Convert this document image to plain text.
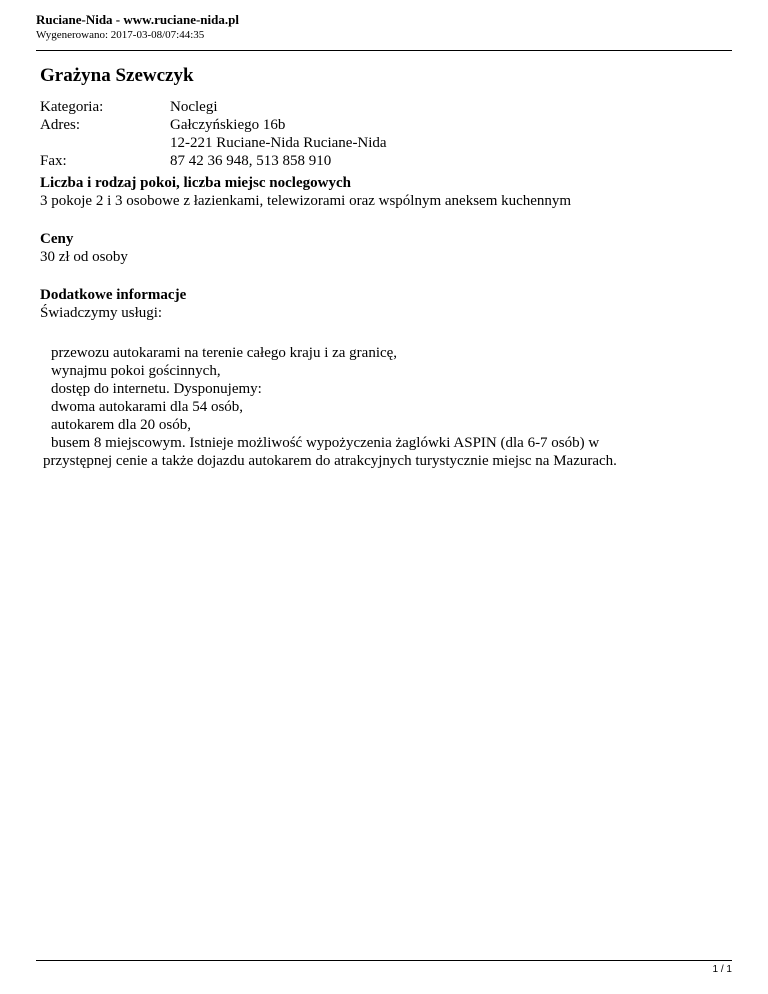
Ruciane-Nida - www.ruciane-nida.pl
Wygenerowano: 2017-03-08/07:44:35
Grażyna Szewczyk
Kategoria:	Noclegi
Adres:	Gałczyńskiego 16b
12-221 Ruciane-Nida Ruciane-Nida
Fax:	87 42 36 948, 513 858 910
Liczba i rodzaj pokoi, liczba miejsc noclegowych
3 pokoje 2 i 3 osobowe z łazienkami, telewizorami oraz wspólnym aneksem kuchennym
Ceny
30 zł od osoby
Dodatkowe informacje
Świadczymy usługi:
przewozu autokarami na terenie całego kraju i za granicę,
wynajmu pokoi gościnnych,
dostęp do internetu. Dysponujemy:
dwoma autokarami dla 54 osób,
autokarem dla 20 osób,
busem 8 miejscowym. Istnieje możliwość wypożyczenia żaglówki ASPIN (dla 6-7 osób) w
przystępnej cenie a także dojazdu autokarem do atrakcyjnych turystycznie miejsc na Mazurach.
1 / 1
